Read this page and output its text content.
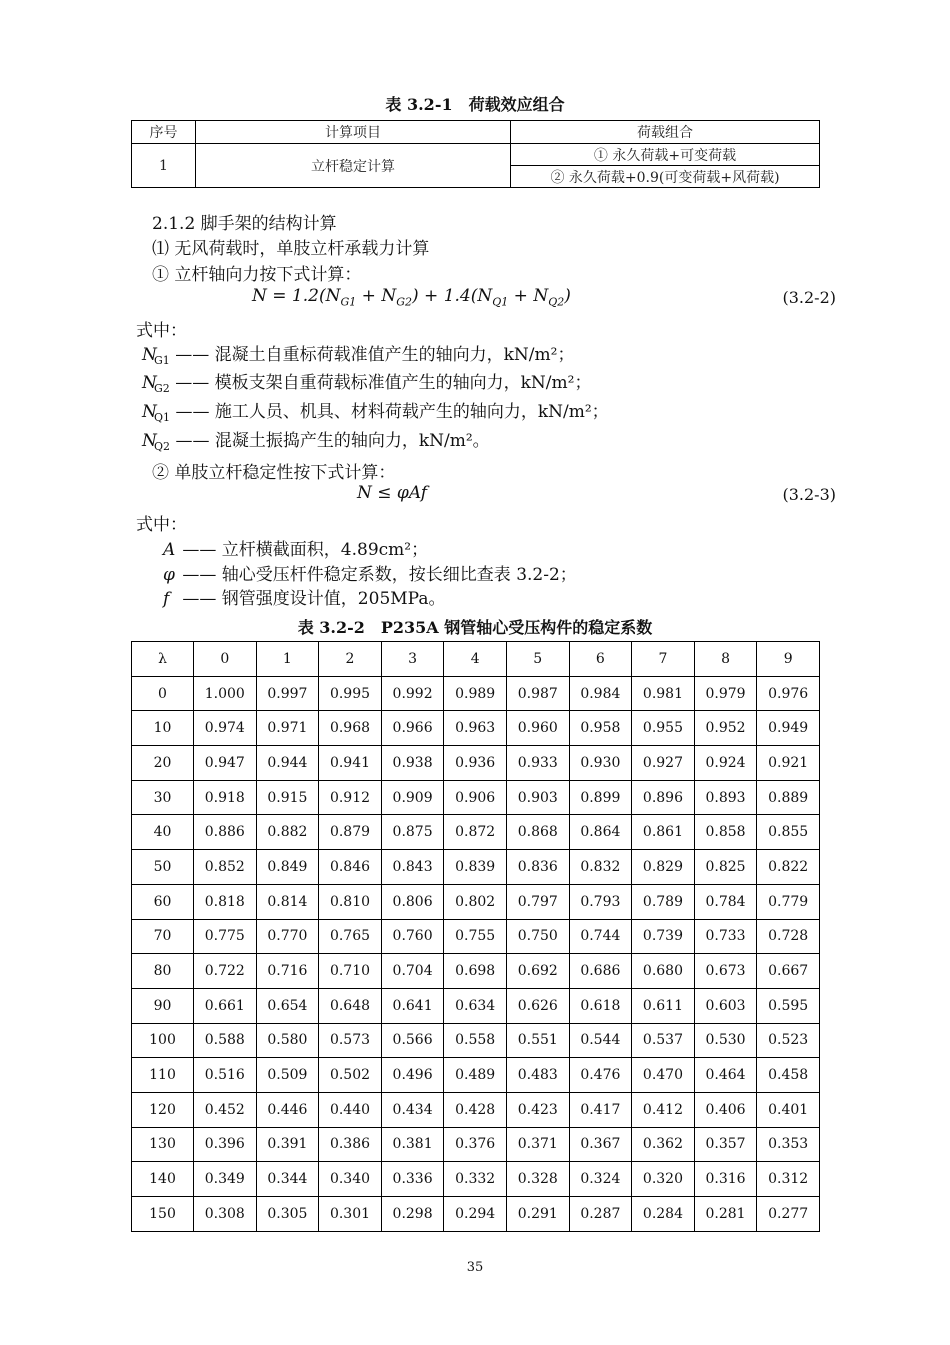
表 3.2-1　荷载效应组合
序号	计算项目	荷载组合
1	立杆稳定计算	① 永久荷载+可变荷载
		② 永久荷载+0.9(可变荷载+风荷载)
2.1.2 脚手架的结构计算
⑴ 无风荷载时，单肢立杆承载力计算
① 立杆轴向力按下式计算：
$N = 1.2(N_{G1} + N_{G2}) + 1.4(N_{Q1} + N_{Q2})$	(3.2-2)
式中：
$N_{G1}$ —— 混凝土自重标荷载准值产生的轴向力，kN/m²；
$N_{G2}$ —— 模板支架自重荷载标准值产生的轴向力，kN/m²；
$N_{Q1}$ —— 施工人员、机具、材料荷载产生的轴向力，kN/m²；
$N_{Q2}$ —— 混凝土振捣产生的轴向力，kN/m²。
② 单肢立杆稳定性按下式计算：
N ≤ φAf	(3.2-3)
式中：
A —— 立杆横截面积，4.89cm²；
φ —— 轴心受压杆件稳定系数，按长细比查表 3.2-2；
f —— 钢管强度设计值，205MPa。
表 3.2-2　P235A 钢管轴心受压构件的稳定系数
λ	0	1	2	3	4	5	6	7	8	9
0	1.000	0.997	0.995	0.992	0.989	0.987	0.984	0.981	0.979	0.976
10	0.974	0.971	0.968	0.966	0.963	0.960	0.958	0.955	0.952	0.949
20	0.947	0.944	0.941	0.938	0.936	0.933	0.930	0.927	0.924	0.921
30	0.918	0.915	0.912	0.909	0.906	0.903	0.899	0.896	0.893	0.889
40	0.886	0.882	0.879	0.875	0.872	0.868	0.864	0.861	0.858	0.855
50	0.852	0.849	0.846	0.843	0.839	0.836	0.832	0.829	0.825	0.822
60	0.818	0.814	0.810	0.806	0.802	0.797	0.793	0.789	0.784	0.779
70	0.775	0.770	0.765	0.760	0.755	0.750	0.744	0.739	0.733	0.728
80	0.722	0.716	0.710	0.704	0.698	0.692	0.686	0.680	0.673	0.667
90	0.661	0.654	0.648	0.641	0.634	0.626	0.618	0.611	0.603	0.595
100	0.588	0.580	0.573	0.566	0.558	0.551	0.544	0.537	0.530	0.523
110	0.516	0.509	0.502	0.496	0.489	0.483	0.476	0.470	0.464	0.458
120	0.452	0.446	0.440	0.434	0.428	0.423	0.417	0.412	0.406	0.401
130	0.396	0.391	0.386	0.381	0.376	0.371	0.367	0.362	0.357	0.353
140	0.349	0.344	0.340	0.336	0.332	0.328	0.324	0.320	0.316	0.312
150	0.308	0.305	0.301	0.298	0.294	0.291	0.287	0.284	0.281	0.277
35
